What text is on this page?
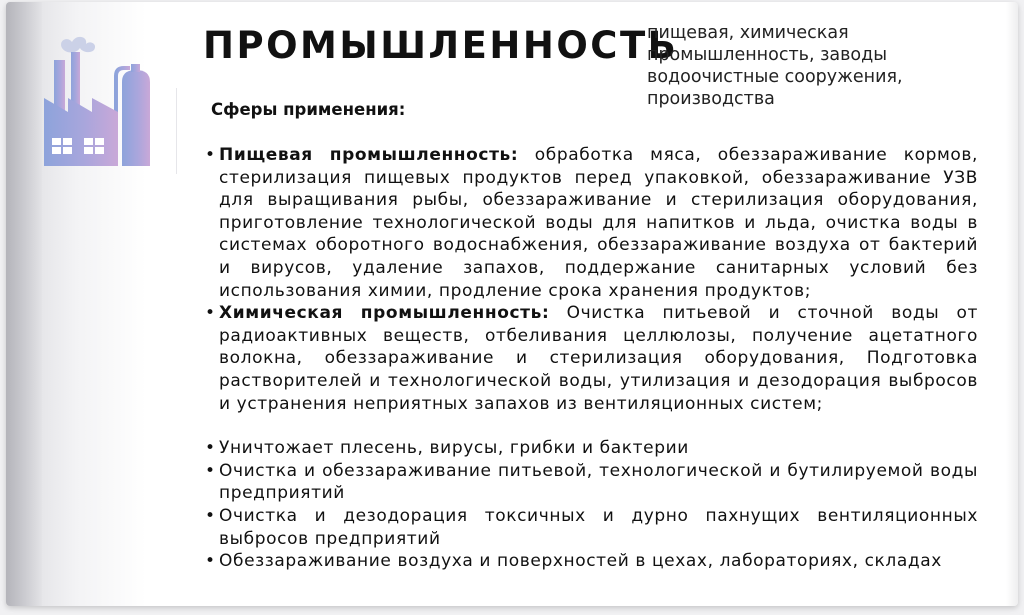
ПРОМЫШЛЕННОСТЬ
пищевая, химическая
промышленность, заводы
водоочистные сооружения,
производства
Сферы применения:
• Пищевая промышленность: обработка мяса, обеззараживание кормов, стерилизация пищевых продуктов перед упаковкой, обеззараживание УЗВ для выращивания рыбы, обеззараживание и стерилизация оборудования, приготовление технологической воды для напитков и льда, очистка воды в системах оборотного водоснабжения, обеззараживание воздуха от бактерий и вирусов, удаление запахов, поддержание санитарных условий без использования химии, продление срока хранения продуктов;
• Химическая промышленность: Очистка питьевой и сточной воды от радиоактивных веществ, отбеливания целлюлозы, получение ацетатного волокна, обеззараживание и стерилизация оборудования, Подготовка растворителей и технологической воды, утилизация и дезодорация выбросов и устранения неприятных запахов из вентиляционных систем;
• Уничтожает плесень, вирусы, грибки и бактерии
• Очистка и обеззараживание питьевой, технологической и бутилируемой воды предприятий
• Очистка и дезодорация токсичных и дурно пахнущих вентиляционных выбросов предприятий
• Обеззараживание воздуха и поверхностей в цехах, лабораториях, складах
